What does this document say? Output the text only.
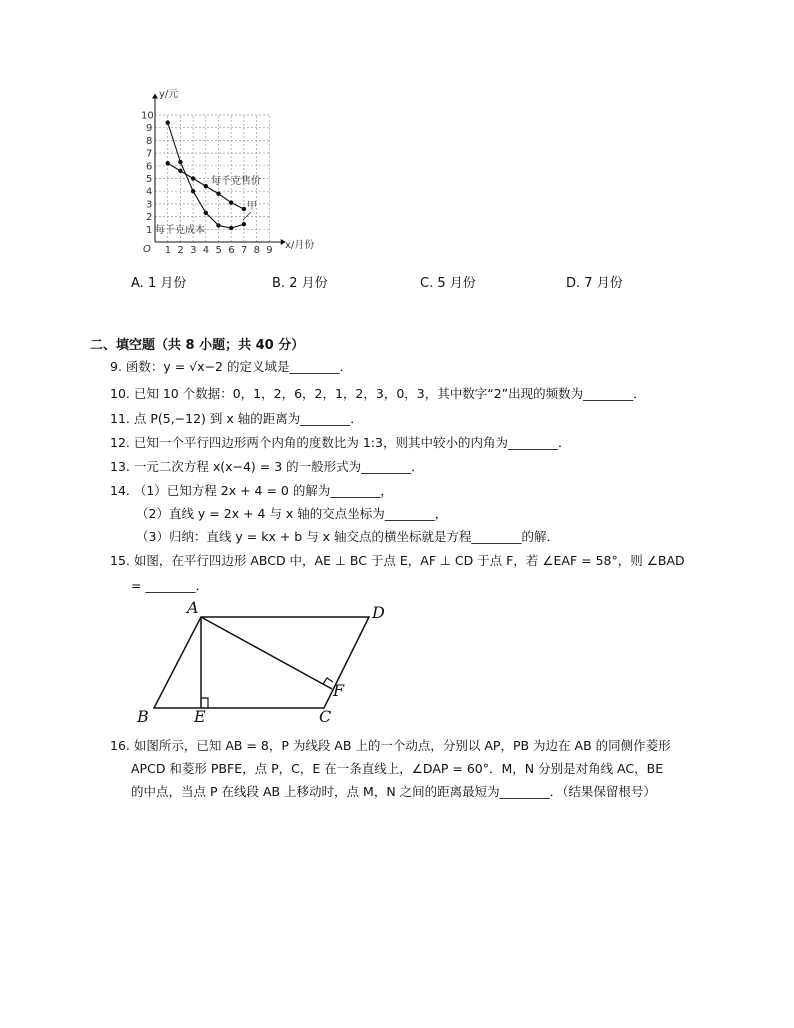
1 2 3 4 5 6 7 8 9
1
2
3
4
5
6
7
8
9
10
y/元
x/月份
O
每千克售价
每千克成本
甲
A. 1 月份	B. 2 月份	C. 5 月份	D. 7 月份
二、填空题（共 8 小题；共 40 分）
9. 函数：y = √x−2 的定义域是________．
10. 已知 10 个数据：0，1，2，6，2，1，2，3，0，3，其中数字“2”出现的频数为________．
11. 点 P(5,−12) 到 x 轴的距离为________．
12. 已知一个平行四边形两个内角的度数比为 1:3，则其中较小的内角为________．
13. 一元二次方程 x(x−4) = 3 的一般形式为________．
14. （1）已知方程 2x + 4 = 0 的解为________，
（2）直线 y = 2x + 4 与 x 轴的交点坐标为________，
（3）归纳：直线 y = kx + b 与 x 轴交点的横坐标就是方程________的解．
15. 如图，在平行四边形 ABCD 中，AE ⊥ BC 于点 E，AF ⊥ CD 于点 F，若 ∠EAF = 58°，则 ∠BAD
= ________．
A	D
B	E	C
F
16. 如图所示，已知 AB = 8，P 为线段 AB 上的一个动点，分别以 AP，PB 为边在 AB 的同侧作菱形
APCD 和菱形 PBFE，点 P，C，E 在一条直线上，∠DAP = 60°．M，N 分别是对角线 AC，BE
的中点，当点 P 在线段 AB 上移动时，点 M，N 之间的距离最短为________．（结果保留根号）
